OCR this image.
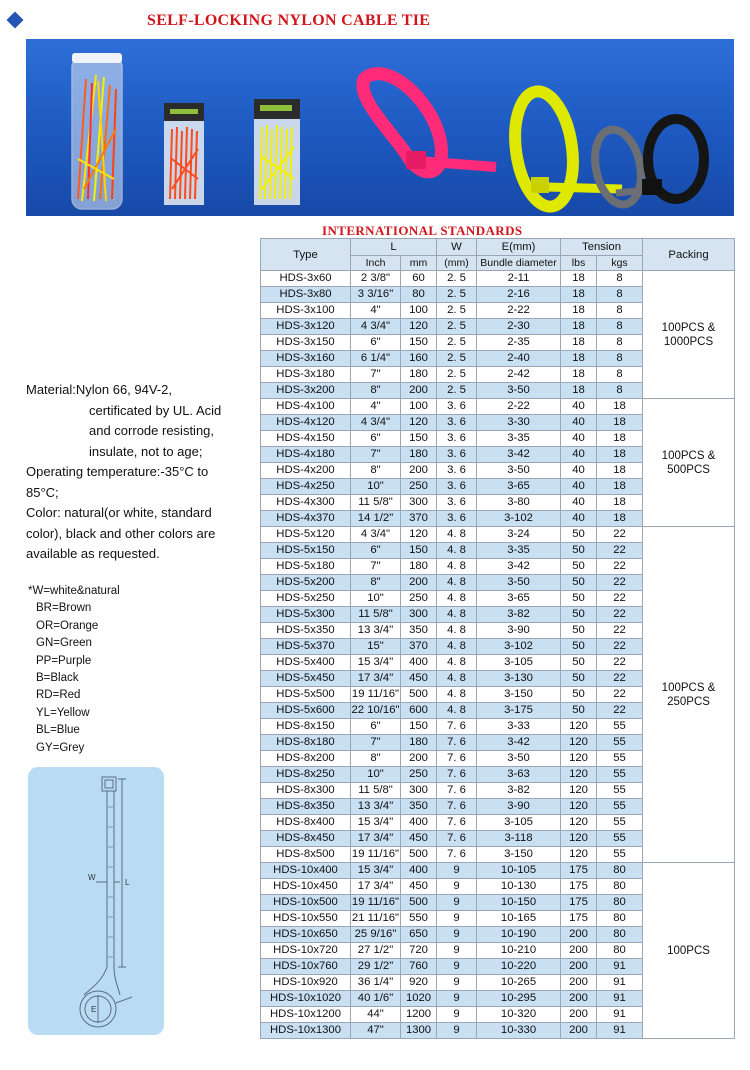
SELF-LOCKING NYLON CABLE TIE
INTERNATIONAL STANDARDS

Material:Nylon 66, 94V-2,

certificated by UL. Acid

and corrode resisting,

insulate, not to age;

Operating temperature:-35°C to

85°C;

Color: natural(or white, standard

color), black and other colors are

available as requested.

*W=white&natural
BR=Brown
OR=Orange
GN=Green
PP=Purple
B=Black
RD=Red
YL=Yellow
BL=Blue
GY=Grey
L
W
E
Type	L		W	E(mm)	Tension		Packing
	Inch	mm	(mm)	Bundle diameter	lbs	kgs	
HDS-3x60	2 3/8"	60	2. 5	2-11	18	8	100PCS & 1000PCS
HDS-3x80	3 3/16"	80	2. 5	2-16	18	8	
HDS-3x100	4"	100	2. 5	2-22	18	8	
HDS-3x120	4 3/4"	120	2. 5	2-30	18	8	
HDS-3x150	6"	150	2. 5	2-35	18	8	
HDS-3x160	6 1/4"	160	2. 5	2-40	18	8	
HDS-3x180	7"	180	2. 5	2-42	18	8	
HDS-3x200	8"	200	2. 5	3-50	18	8	
HDS-4x100	4"	100	3. 6	2-22	40	18	100PCS & 500PCS
HDS-4x120	4 3/4"	120	3. 6	3-30	40	18	
HDS-4x150	6"	150	3. 6	3-35	40	18	
HDS-4x180	7"	180	3. 6	3-42	40	18	
HDS-4x200	8"	200	3. 6	3-50	40	18	
HDS-4x250	10"	250	3. 6	3-65	40	18	
HDS-4x300	11 5/8"	300	3. 6	3-80	40	18	
HDS-4x370	14 1/2"	370	3. 6	3-102	40	18	
HDS-5x120	4 3/4"	120	4. 8	3-24	50	22	100PCS & 250PCS
HDS-5x150	6"	150	4. 8	3-35	50	22	
HDS-5x180	7"	180	4. 8	3-42	50	22	
HDS-5x200	8"	200	4. 8	3-50	50	22	
HDS-5x250	10"	250	4. 8	3-65	50	22	
HDS-5x300	11 5/8"	300	4. 8	3-82	50	22	
HDS-5x350	13 3/4"	350	4. 8	3-90	50	22	
HDS-5x370	15"	370	4. 8	3-102	50	22	
HDS-5x400	15 3/4"	400	4. 8	3-105	50	22	
HDS-5x450	17 3/4"	450	4. 8	3-130	50	22	
HDS-5x500	19 11/16"	500	4. 8	3-150	50	22	
HDS-5x600	22 10/16"	600	4. 8	3-175	50	22	
HDS-8x150	6"	150	7. 6	3-33	120	55	
HDS-8x180	7"	180	7. 6	3-42	120	55	
HDS-8x200	8"	200	7. 6	3-50	120	55	
HDS-8x250	10"	250	7. 6	3-63	120	55	
HDS-8x300	11 5/8"	300	7. 6	3-82	120	55	
HDS-8x350	13 3/4"	350	7. 6	3-90	120	55	
HDS-8x400	15 3/4"	400	7. 6	3-105	120	55	
HDS-8x450	17 3/4"	450	7. 6	3-118	120	55	
HDS-8x500	19 11/16"	500	7. 6	3-150	120	55	
HDS-10x400	15 3/4"	400	9	10-105	175	80	100PCS
HDS-10x450	17 3/4"	450	9	10-130	175	80	
HDS-10x500	19 11/16"	500	9	10-150	175	80	
HDS-10x550	21 11/16"	550	9	10-165	175	80	
HDS-10x650	25 9/16"	650	9	10-190	200	80	
HDS-10x720	27 1/2"	720	9	10-210	200	80	
HDS-10x760	29 1/2"	760	9	10-220	200	91	
HDS-10x920	36 1/4"	920	9	10-265	200	91	
HDS-10x1020	40 1/6"	1020	9	10-295	200	91	
HDS-10x1200	44"	1200	9	10-320	200	91	
HDS-10x1300	47"	1300	9	10-330	200	91	
